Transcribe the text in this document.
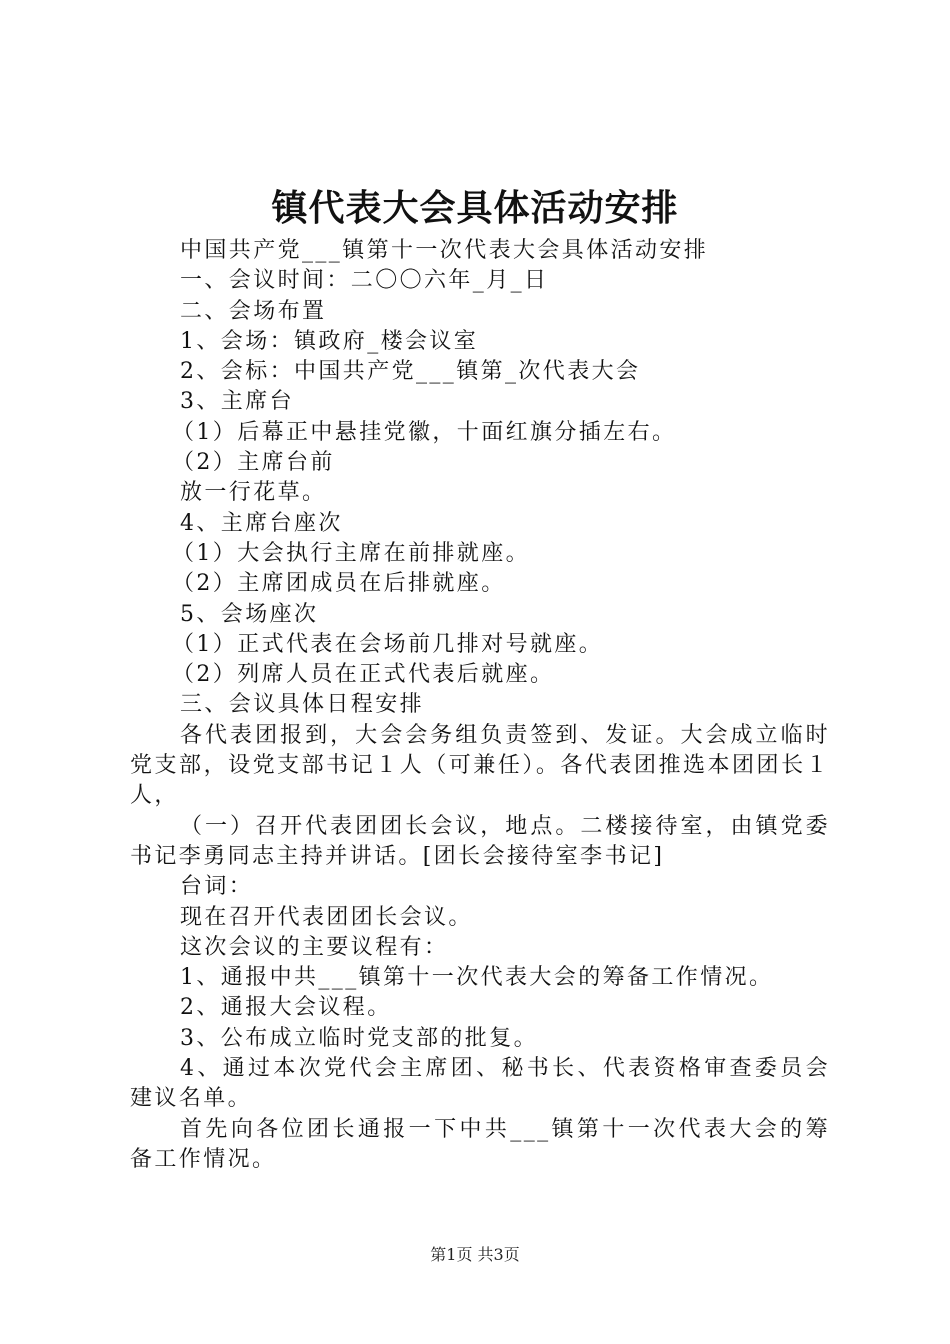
镇代表大会具体活动安排
中国共产党___镇第十一次代表大会具体活动安排
一、会议时间：二〇〇六年_月_日
二、会场布置
1、会场：镇政府_楼会议室
2、会标：中国共产党___镇第_次代表大会
3、主席台
（1）后幕正中悬挂党徽，十面红旗分插左右。
（2）主席台前
放一行花草。
4、主席台座次
（1）大会执行主席在前排就座。
（2）主席团成员在后排就座。
5、会场座次
（1）正式代表在会场前几排对号就座。
（2）列席人员在正式代表后就座。
三、会议具体日程安排

各代表团报到，大会会务组负责签到、发证。大会成立临时党支部，设党支部书记１人（可兼任）。各代表团推选本团团长１人，

（一）召开代表团团长会议，地点。二楼接待室，由镇党委书记李勇同志主持并讲话。[团长会接待室李书记]

台词：
现在召开代表团团长会议。
这次会议的主要议程有：
1、通报中共___镇第十一次代表大会的筹备工作情况。
2、通报大会议程。
3、公布成立临时党支部的批复。

4、通过本次党代会主席团、秘书长、代表资格审查委员会建议名单。

首先向各位团长通报一下中共___镇第十一次代表大会的筹备工作情况。

第1页 共3页
